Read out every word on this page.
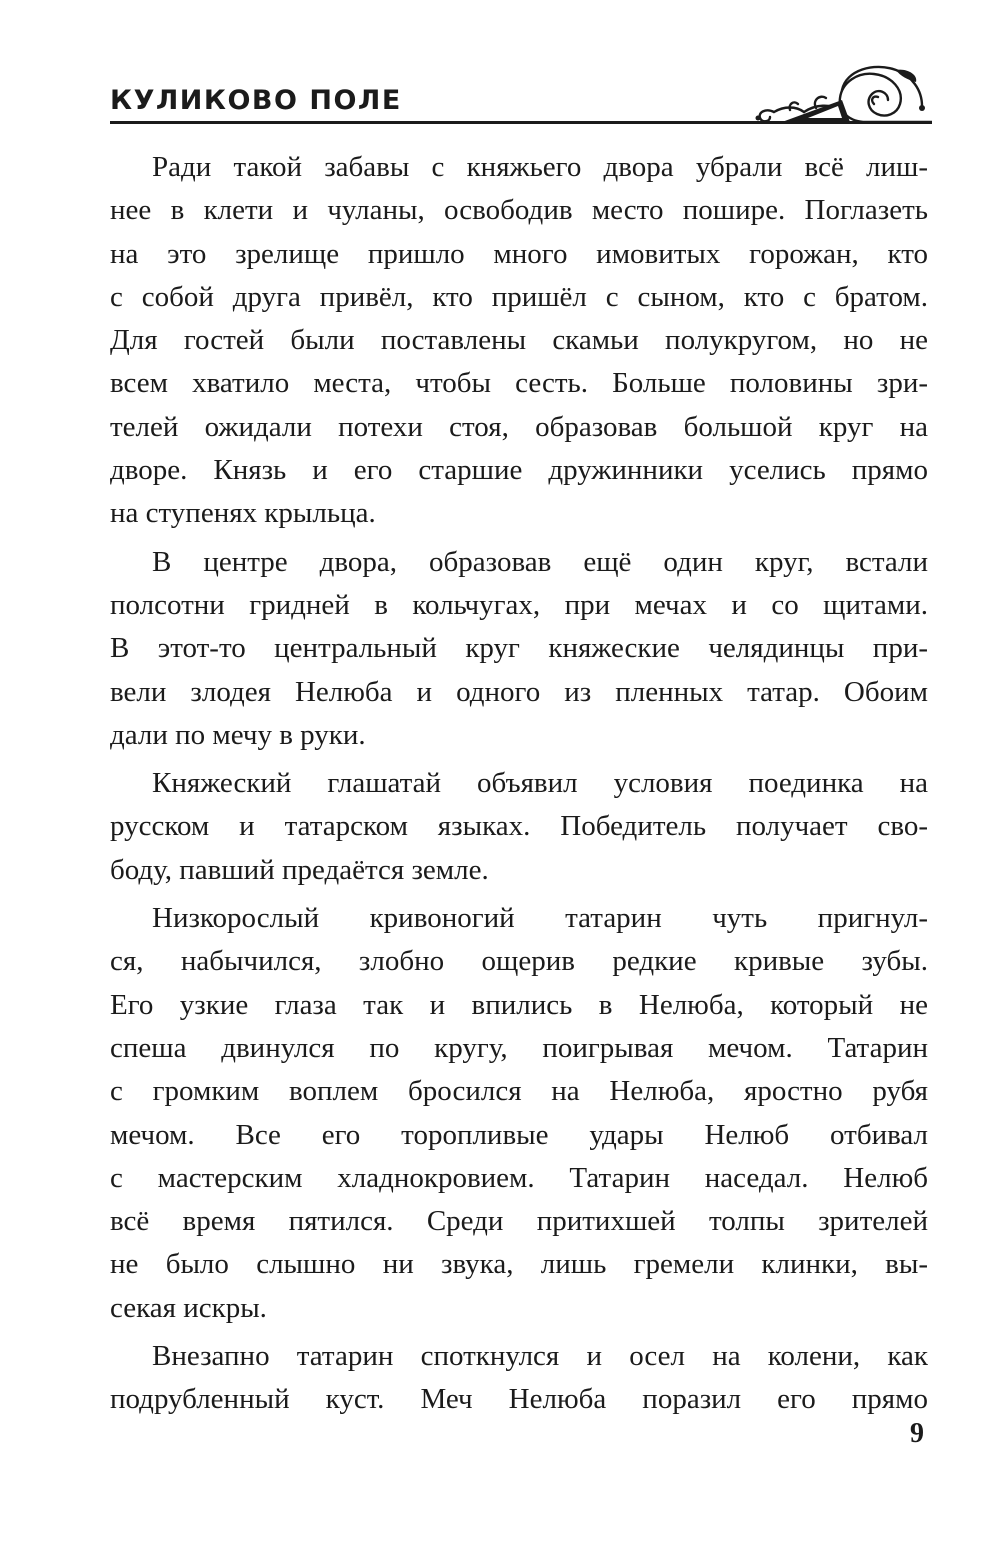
КУЛИКОВО ПОЛЕ

Ради такой забавы с княжьего двора убрали всё лиш-
нее в клети и чуланы, освободив место пошире. Поглазеть
на это зрелище пришло много имовитых горожан, кто
с собой друга привёл, кто пришёл с сыном, кто с братом.
Для гостей были поставлены скамьи полукругом, но не
всем хватило места, чтобы сесть. Больше половины зри-
телей ожидали потехи стоя, образовав большой круг на
дворе. Князь и его старшие дружинники уселись прямо
на ступенях крыльца.

В центре двора, образовав ещё один круг, встали
полсотни гридней в кольчугах, при мечах и со щитами.
В этот-то центральный круг княжеские челядинцы при-
вели злодея Нелюба и одного из пленных татар. Обоим
дали по мечу в руки.

Княжеский глашатай объявил условия поединка на
русском и татарском языках. Победитель получает сво-
боду, павший предаётся земле.

Низкорослый кривоногий татарин чуть пригнул-
ся, набычился, злобно ощерив редкие кривые зубы.
Его узкие глаза так и впились в Нелюба, который не
спеша двинулся по кругу, поигрывая мечом. Татарин
с громким воплем бросился на Нелюба, яростно рубя
мечом. Все его торопливые удары Нелюб отбивал
с мастерским хладнокровием. Татарин наседал. Нелюб
всё время пятился. Среди притихшей толпы зрителей
не было слышно ни звука, лишь гремели клинки, вы-
секая искры.

Внезапно татарин споткнулся и осел на колени, как
подрубленный куст. Меч Нелюба поразил его прямо

9
